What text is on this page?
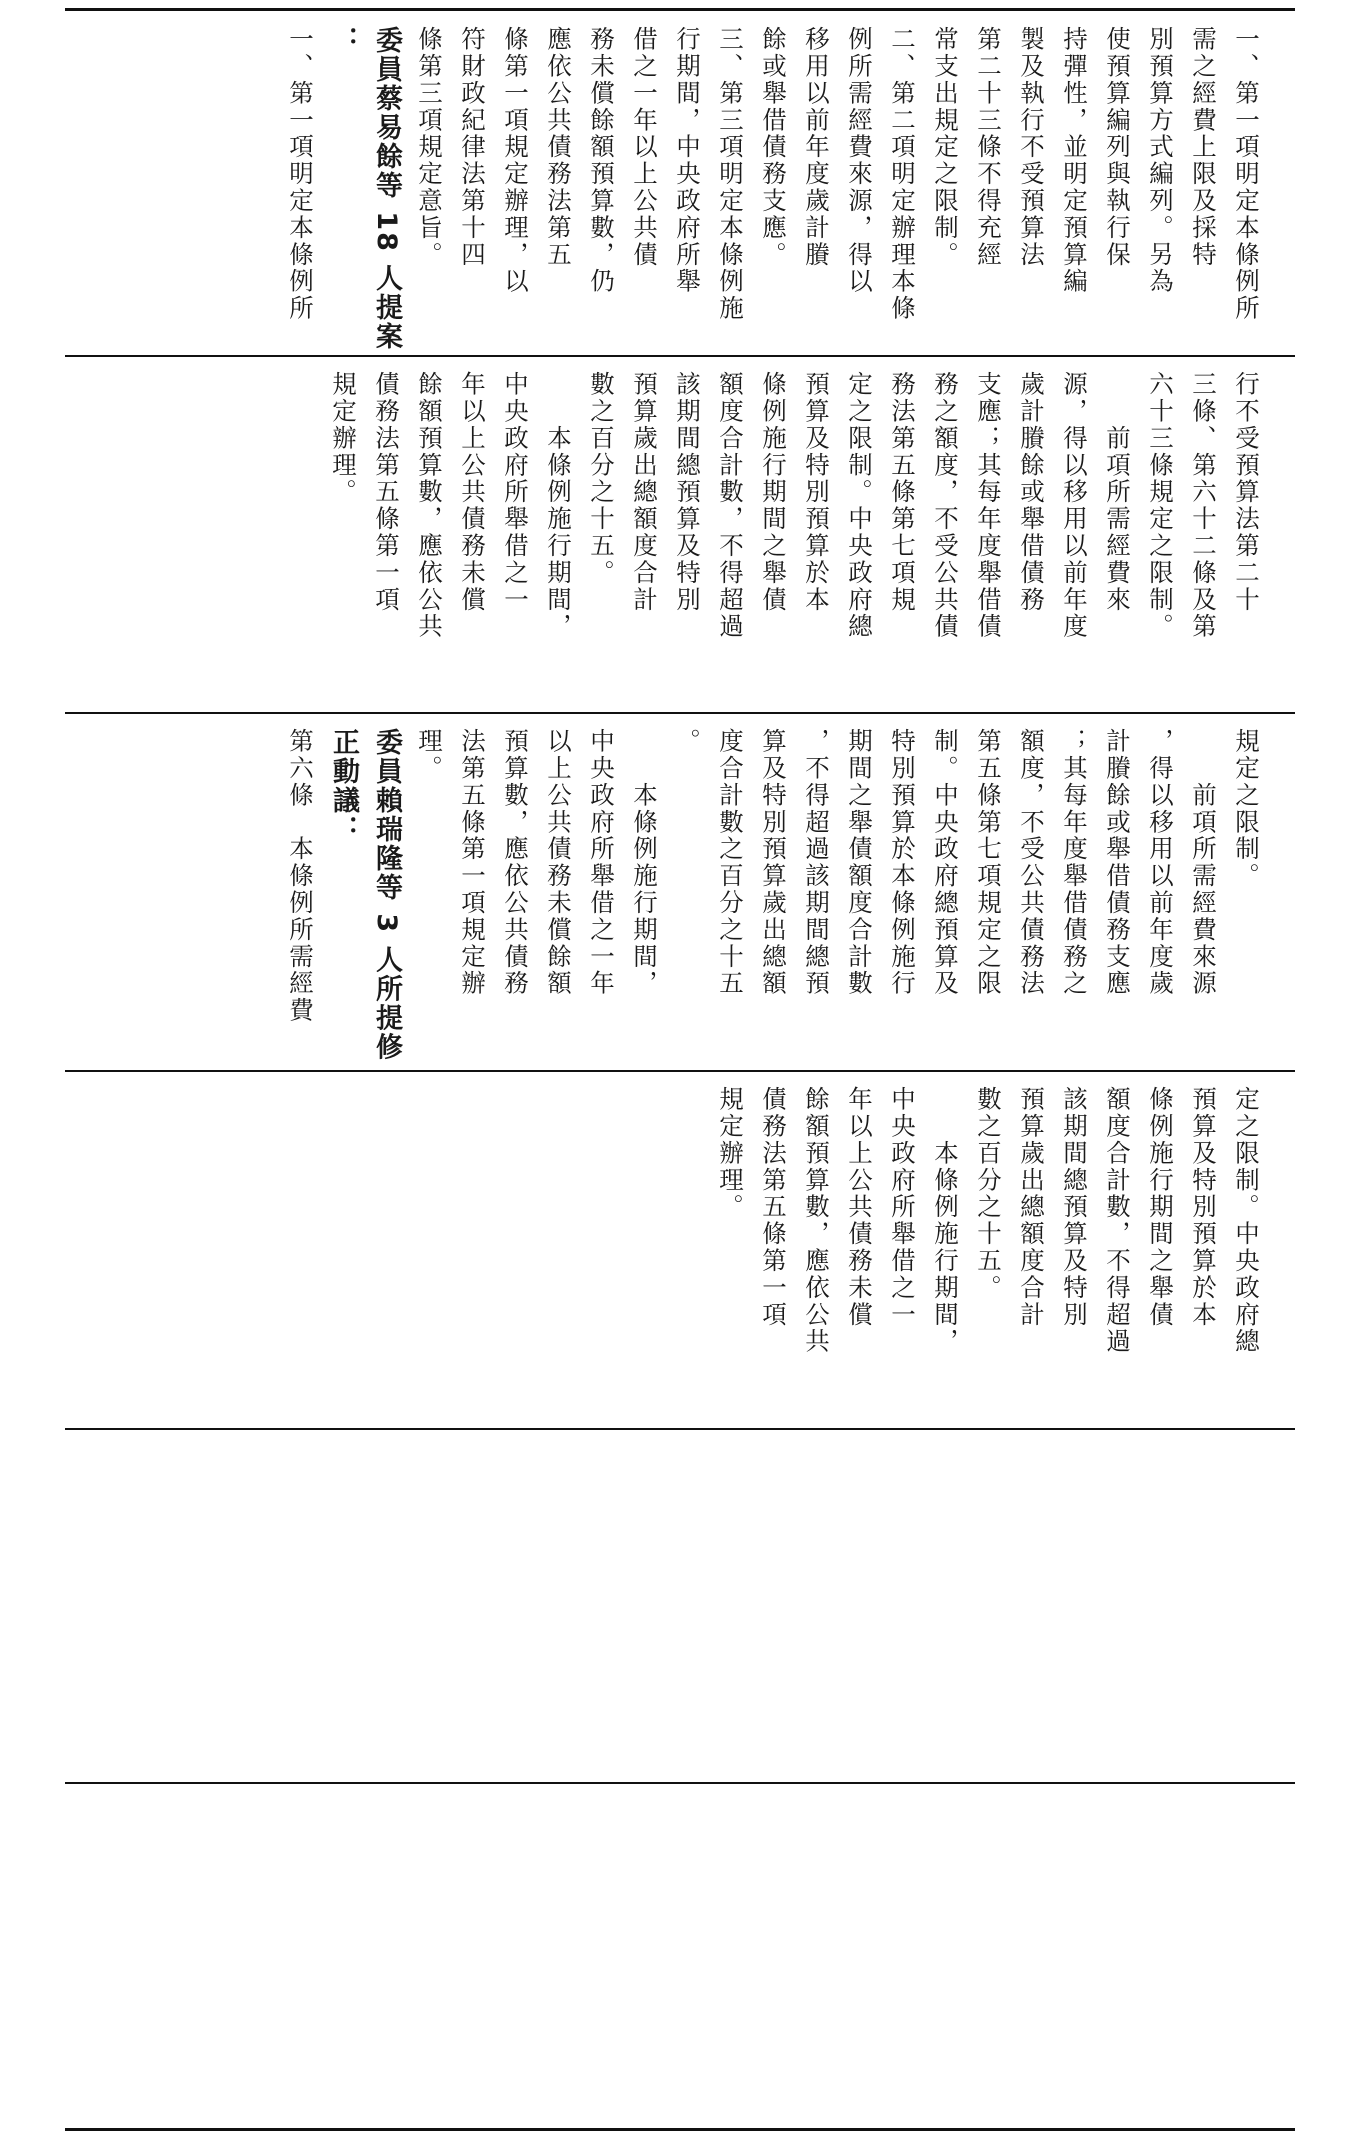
一、第一項明定本條例所

需之經費上限及採特

別預算方式編列。另為

使預算編列與執行保

持彈性，並明定預算編

製及執行不受預算法

第二十三條不得充經

常支出規定之限制。

二、第二項明定辦理本條

例所需經費來源，得以

移用以前年度歲計賸

餘或舉借債務支應。

三、第三項明定本條例施

行期間，中央政府所舉

借之一年以上公共債

務未償餘額預算數，仍

應依公共債務法第五

條第一項規定辦理，以

符財政紀律法第十四

條第三項規定意旨。

委員蔡易餘等 18 人提案

：

一、第一項明定本條例所

行不受預算法第二十

三條、第六十二條及第

六十三條規定之限制。

　　前項所需經費來

源，得以移用以前年度

歲計賸餘或舉借債務

支應；其每年度舉借債

務之額度，不受公共債

務法第五條第七項規

定之限制。中央政府總

預算及特別預算於本

條例施行期間之舉債

額度合計數，不得超過

該期間總預算及特別

預算歲出總額度合計

數之百分之十五。

　　本條例施行期間，

中央政府所舉借之一

年以上公共債務未償

餘額預算數，應依公共

債務法第五條第一項

規定辦理。

規定之限制。

　　前項所需經費來源

，得以移用以前年度歲

計賸餘或舉借債務支應

；其每年度舉借債務之

額度，不受公共債務法

第五條第七項規定之限

制。中央政府總預算及

特別預算於本條例施行

期間之舉債額度合計數

，不得超過該期間總預

算及特別預算歲出總額

度合計數之百分之十五

。

　　本條例施行期間，

中央政府所舉借之一年

以上公共債務未償餘額

預算數，應依公共債務

法第五條第一項規定辦

理。

委員賴瑞隆等 3 人所提修

正動議：

第六條　本條例所需經費

定之限制。中央政府總

預算及特別預算於本

條例施行期間之舉債

額度合計數，不得超過

該期間總預算及特別

預算歲出總額度合計

數之百分之十五。

　　本條例施行期間，

中央政府所舉借之一

年以上公共債務未償

餘額預算數，應依公共

債務法第五條第一項

規定辦理。
